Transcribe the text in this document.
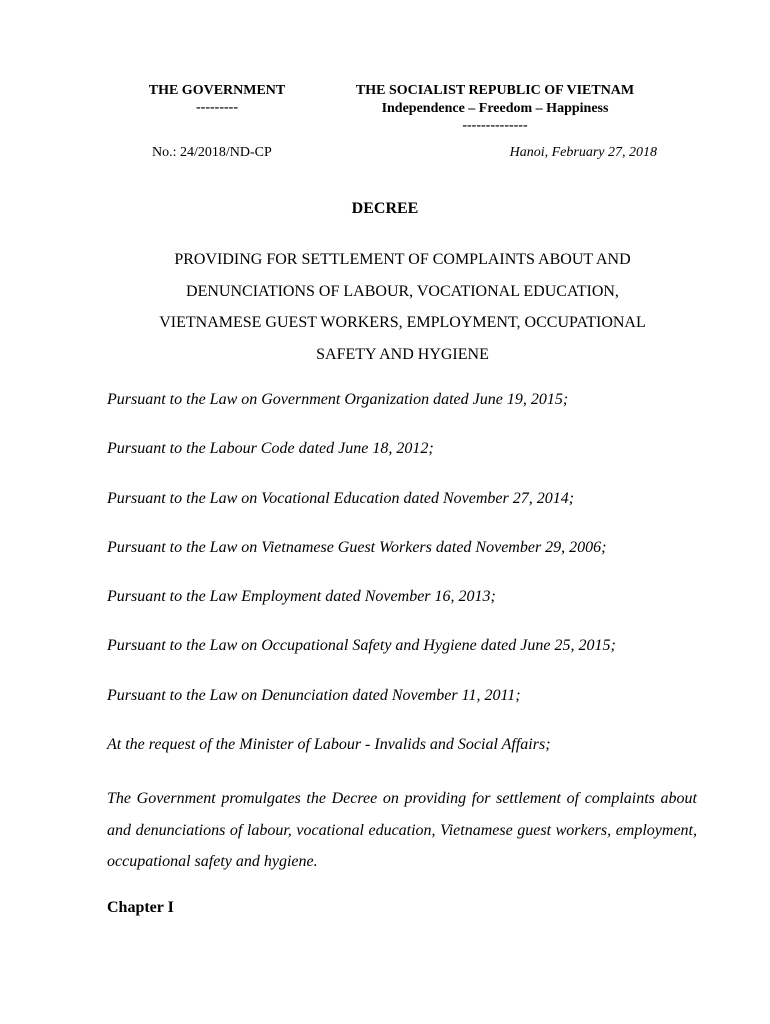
THE GOVERNMENT
---------
THE SOCIALIST REPUBLIC OF VIETNAM
Independence – Freedom – Happiness
--------------
No.: 24/2018/ND-CP	Hanoi, February 27, 2018
DECREE
PROVIDING FOR SETTLEMENT OF COMPLAINTS ABOUT AND
DENUNCIATIONS OF LABOUR, VOCATIONAL EDUCATION,
VIETNAMESE GUEST WORKERS, EMPLOYMENT, OCCUPATIONAL
SAFETY AND HYGIENE
Pursuant to the Law on Government Organization dated June 19, 2015;
Pursuant to the Labour Code dated June 18, 2012;
Pursuant to the Law on Vocational Education dated November 27, 2014;
Pursuant to the Law on Vietnamese Guest Workers dated November 29, 2006;
Pursuant to the Law Employment dated November 16, 2013;
Pursuant to the Law on Occupational Safety and Hygiene dated June 25, 2015;
Pursuant to the Law on Denunciation dated November 11, 2011;
At the request of the Minister of Labour - Invalids and Social Affairs;
The Government promulgates the Decree on providing for settlement of complaints about and denunciations of labour, vocational education, Vietnamese guest workers, employment, occupational safety and hygiene.
Chapter I
